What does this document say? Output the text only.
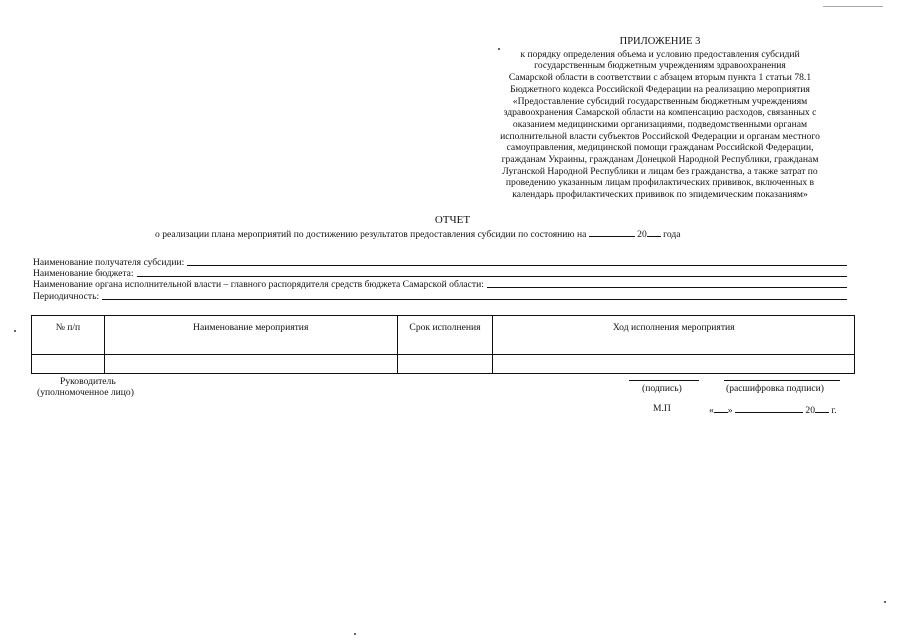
ПРИЛОЖЕНИЕ 3
к порядку определения объема и условию предоставления субсидий
государственным бюджетным учреждениям здравоохранения
Самарской области в соответствии с абзацем вторым пункта 1 статьи 78.1
Бюджетного кодекса Российской Федерации на реализацию мероприятия
«Предоставление субсидий государственным бюджетным учреждениям
здравоохранения Самарской области на компенсацию расходов, связанных с
оказанием медицинскими организациями, подведомственными органам
исполнительной власти субъектов Российской Федерации и органам местного
самоуправления, медицинской помощи гражданам Российской Федерации,
гражданам Украины, гражданам Донецкой Народной Республики, гражданам
Луганской Народной Республики и лицам без гражданства, а также затрат по
проведению указанным лицам профилактических прививок, включенных в
календарь профилактических прививок по эпидемическим показаниям»
ОТЧЕТ
о реализации плана мероприятий по достижению результатов предоставления субсидии по состоянию на	20 года
Наименование получателя субсидии:
Наименование бюджета:
Наименование органа исполнительной власти – главного распорядителя средств бюджета Самарской области:
Периодичность:
№ п/п	Наименование мероприятия	Срок исполнения	Ход исполнения мероприятия

Руководитель
(уполномоченное лицо)	(подпись)	(расшифровка подписи)
М.П	« »	20 г.
